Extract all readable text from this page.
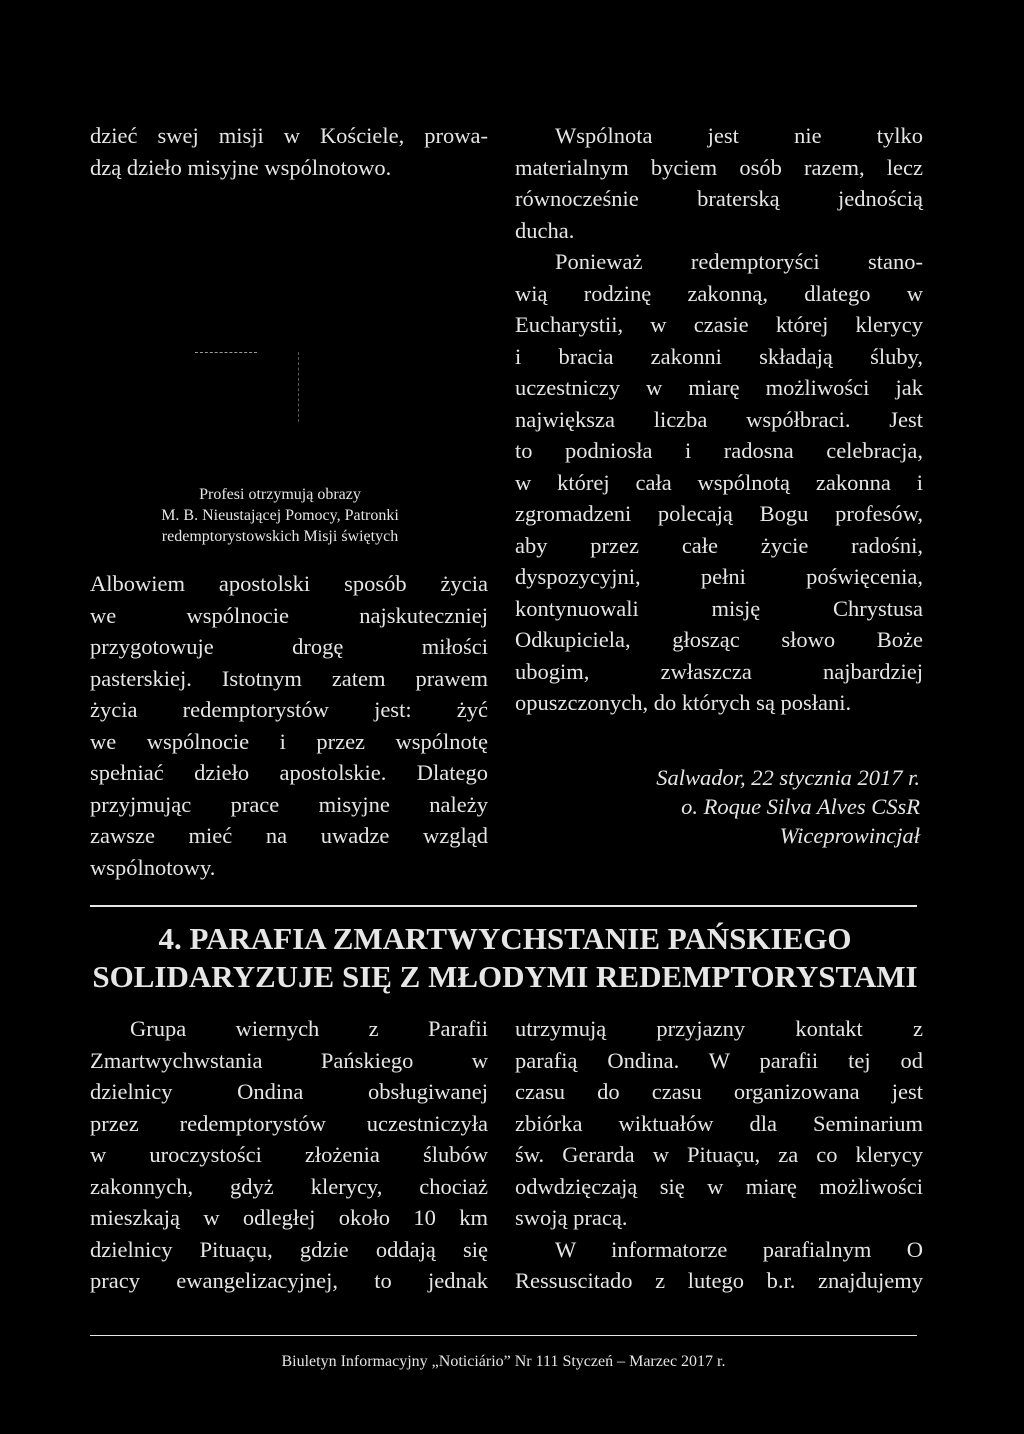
dzieć swej misji w Kościele, prowa-
dzą dzieło misyjne wspólnotowo.

Profesi otrzymują obrazy
M. B. Nieustającej Pomocy, Patronki
redemptorystowskich Misji świętych

Albowiem apostolski sposób życia
we wspólnocie najskuteczniej
przygotowuje drogę miłości
pasterskiej. Istotnym zatem prawem
życia redemptorystów jest: żyć
we wspólnocie i przez wspólnotę
spełniać dzieło apostolskie. Dlatego
przyjmując prace misyjne należy
zawsze mieć na uwadze wzgląd
wspólnotowy.

Wspólnota jest nie tylko
materialnym byciem osób razem, lecz
równocześnie braterską jednością
ducha.

Ponieważ redemptoryści stano-
wią rodzinę zakonną, dlatego w
Eucharystii, w czasie której klerycy
i bracia zakonni składają śluby,
uczestniczy w miarę możliwości jak
największa liczba współbraci. Jest
to podniosła i radosna celebracja,
w której cała wspólnotą zakonna i
zgromadzeni polecają Bogu profesów,
aby przez całe życie radośni,
dyspozycyjni, pełni poświęcenia,
kontynuowali misję Chrystusa
Odkupiciela, głosząc słowo Boże
ubogim, zwłaszcza najbardziej
opuszczonych, do których są posłani.

Salwador, 22 stycznia 2017 r.
o. Roque Silva Alves CSsR
Wiceprowincjał
4. PARAFIA ZMARTWYCHSTANIE PAŃSKIEGO
SOLIDARYZUJE SIĘ Z MŁODYMI REDEMPTORYSTAMI

Grupa wiernych z Parafii
Zmartwychwstania Pańskiego w
dzielnicy Ondina obsługiwanej
przez redemptorystów uczestniczyła
w uroczystości złożenia ślubów
zakonnych, gdyż klerycy, chociaż
mieszkają w odległej około 10 km
dzielnicy Pituaçu, gdzie oddają się
pracy ewangelizacyjnej, to jednak

utrzymują przyjazny kontakt z
parafią Ondina. W parafii tej od
czasu do czasu organizowana jest
zbiórka wiktuałów dla Seminarium
św. Gerarda w Pituaçu, za co klerycy
odwdzięczają się w miarę możliwości
swoją pracą.

W informatorze parafialnym O
Ressuscitado z lutego b.r. znajdujemy

Biuletyn Informacyjny „Noticiário” Nr 111 Styczeń – Marzec 2017 r.
